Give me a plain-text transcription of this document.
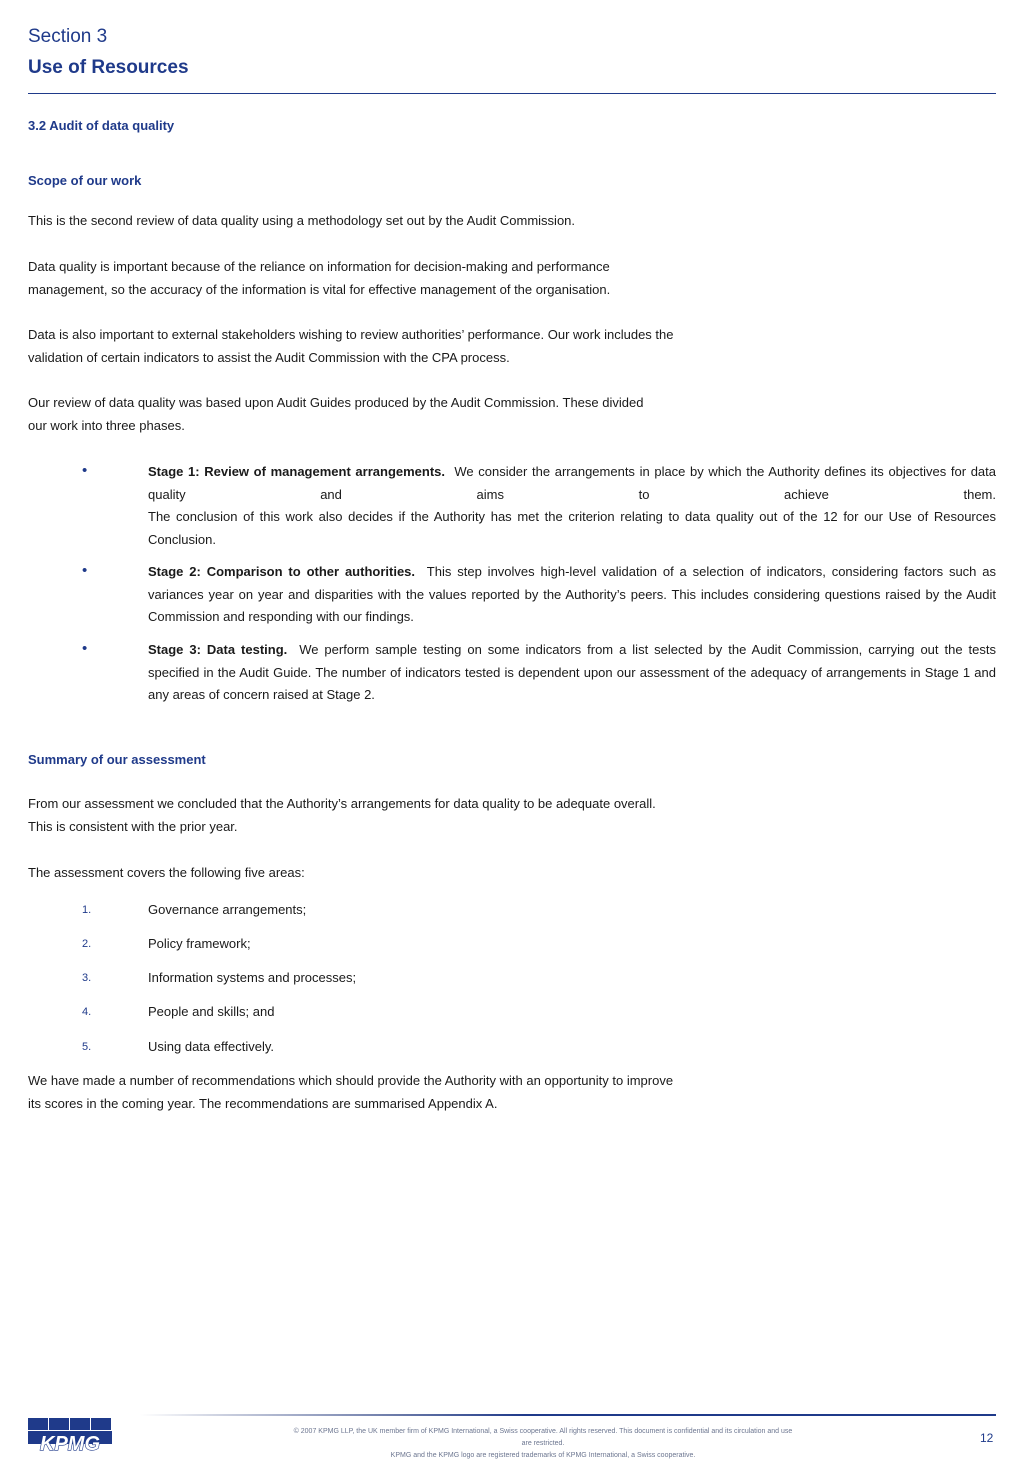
Section 3
Use of Resources
3.2 Audit of data quality
Scope of our work
This is the second review of data quality using a methodology set out by the Audit Commission.
Data quality is important because of the reliance on information for decision-making and performance
management, so the accuracy of the information is vital for effective management of the organisation.
Data is also important to external stakeholders wishing to review authorities’ performance. Our work includes the
validation of certain indicators to assist the Audit Commission with the CPA process.
Our review of data quality was based upon Audit Guides produced by the Audit Commission. These divided
our work into three phases.
•	Stage 1: Review of management arrangements. We consider the arrangements in place by which the Authority defines its objectives for data quality and aims to achieve them.
The conclusion of this work also decides if the Authority has met the criterion relating to data quality out of the 12 for our Use of Resources Conclusion.
•	Stage 2: Comparison to other authorities. This step involves high-level validation of a selection of indicators, considering factors such as variances year on year and disparities with the values reported by the Authority’s peers. This includes considering questions raised by the Audit Commission and responding with our findings.
•	Stage 3: Data testing. We perform sample testing on some indicators from a list selected by the Audit Commission, carrying out the tests specified in the Audit Guide. The number of indicators tested is dependent upon our assessment of the adequacy of arrangements in Stage 1 and any areas of concern raised at Stage 2.
Summary of our assessment
From our assessment we concluded that the Authority’s arrangements for data quality to be adequate overall.
This is consistent with the prior year.
The assessment covers the following five areas:
1.	Governance arrangements;
2.	Policy framework;
3.	Information systems and processes;
4.	People and skills; and
5.	Using data effectively.
We have made a number of recommendations which should provide the Authority with an opportunity to improve
its scores in the coming year. The recommendations are summarised Appendix A.
KPMG
© 2007 KPMG LLP, the UK member firm of KPMG International, a Swiss cooperative. All rights reserved. This document is confidential and its circulation and use
are restricted.
KPMG and the KPMG logo are registered trademarks of KPMG International, a Swiss cooperative.
12
